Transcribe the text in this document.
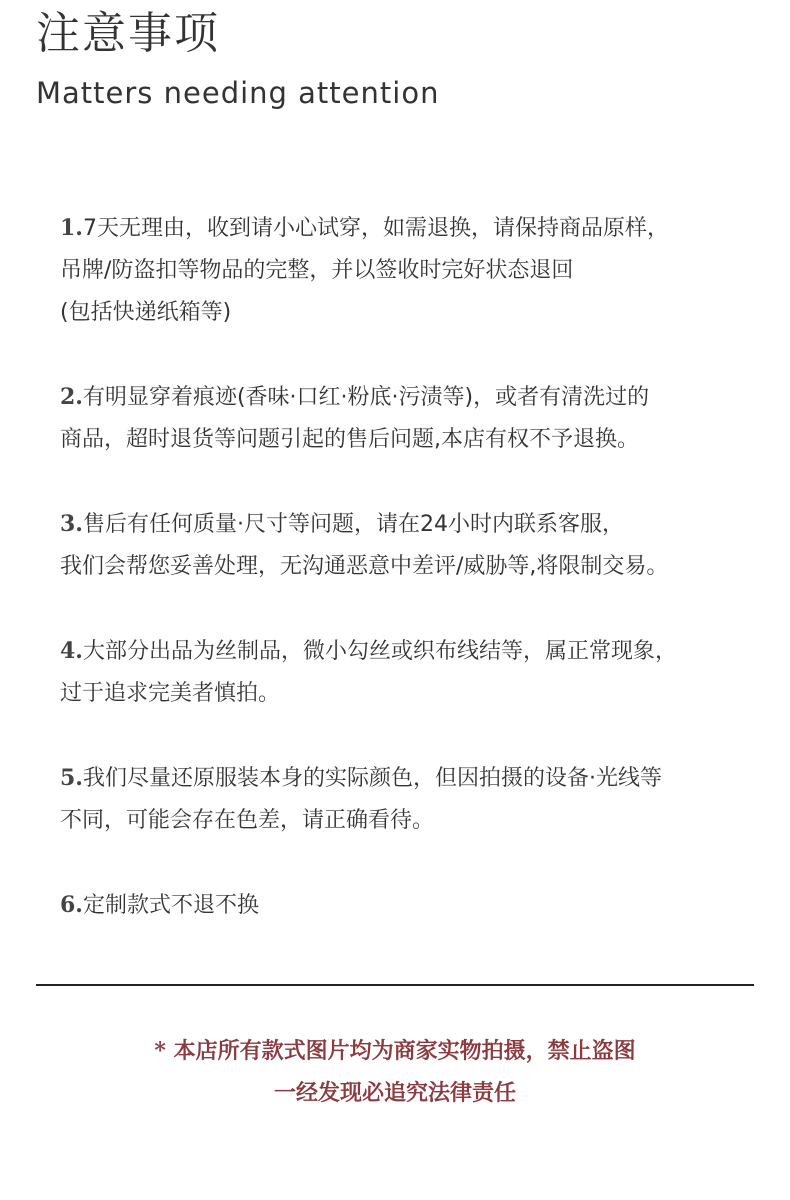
注意事项
Matters needing attention
1.7天无理由，收到请小心试穿，如需退换，请保持商品原样，
吊牌/防盗扣等物品的完整，并以签收时完好状态退回
(包括快递纸箱等)
2.有明显穿着痕迹(香味·口红·粉底·污渍等)，或者有清洗过的
商品，超时退货等问题引起的售后问题,本店有权不予退换。
3.售后有任何质量·尺寸等问题，请在24小时内联系客服，
我们会帮您妥善处理，无沟通恶意中差评/威胁等,将限制交易。
4.大部分出品为丝制品，微小勾丝或织布线结等，属正常现象，
过于追求完美者慎拍。
5.我们尽量还原服装本身的实际颜色，但因拍摄的设备·光线等
不同，可能会存在色差，请正确看待。
6.定制款式不退不换
* 本店所有款式图片均为商家实物拍摄，禁止盗图
一经发现必追究法律责任
